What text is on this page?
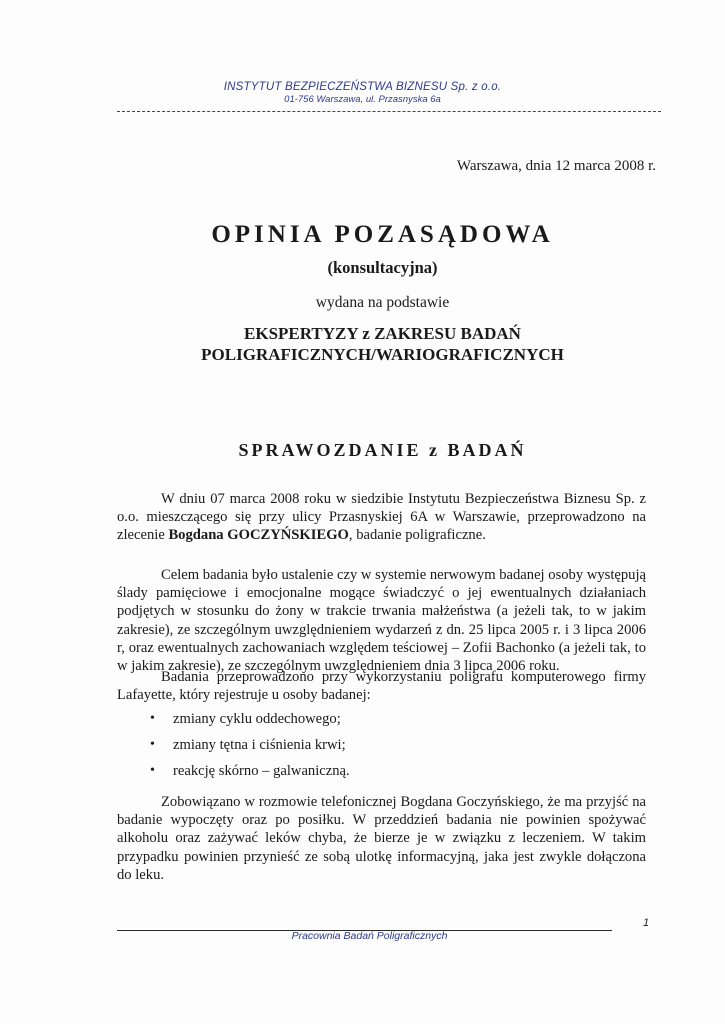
INSTYTUT BEZPIECZEŃSTWA BIZNESU Sp. z o.o.
01-756 Warszawa, ul. Przasnyska 6a
Warszawa, dnia 12 marca 2008 r.
OPINIA POZASĄDOWA
(konsultacyjna)
wydana na podstawie
EKSPERTYZY z ZAKRESU BADAŃ
POLIGRAFICZNYCH/WARIOGRAFICZNYCH
SPRAWOZDANIE z BADAŃ
W dniu 07 marca 2008 roku w siedzibie Instytutu Bezpieczeństwa Biznesu Sp. z o.o. mieszczącego się przy ulicy Przasnyskiej 6A w Warszawie, przeprowadzono na zlecenie Bogdana GOCZYŃSKIEGO, badanie poligraficzne.
Celem badania było ustalenie czy w systemie nerwowym badanej osoby występują ślady pamięciowe i emocjonalne mogące świadczyć o jej ewentualnych działaniach podjętych w stosunku do żony w trakcie trwania małżeństwa (a jeżeli tak, to w jakim zakresie), ze szczególnym uwzględnieniem wydarzeń z dn. 25 lipca 2005 r. i 3 lipca 2006 r, oraz ewentualnych zachowaniach względem teściowej – Zofii Bachonko (a jeżeli tak, to w jakim zakresie), ze szczególnym uwzględnieniem dnia 3 lipca 2006 roku.
Badania przeprowadzono przy wykorzystaniu poligrafu komputerowego firmy Lafayette, który rejestruje u osoby badanej:
• zmiany cyklu oddechowego;
• zmiany tętna i ciśnienia krwi;
• reakcję skórno – galwaniczną.
Zobowiązano w rozmowie telefonicznej Bogdana Goczyńskiego, że ma przyjść na badanie wypoczęty oraz po posiłku. W przeddzień badania nie powinien spożywać alkoholu oraz zażywać leków chyba, że bierze je w związku z leczeniem. W takim przypadku powinien przynieść ze sobą ulotkę informacyjną, jaka jest zwykle dołączona do leku.
Pracownia Badań Poligraficznych
1
